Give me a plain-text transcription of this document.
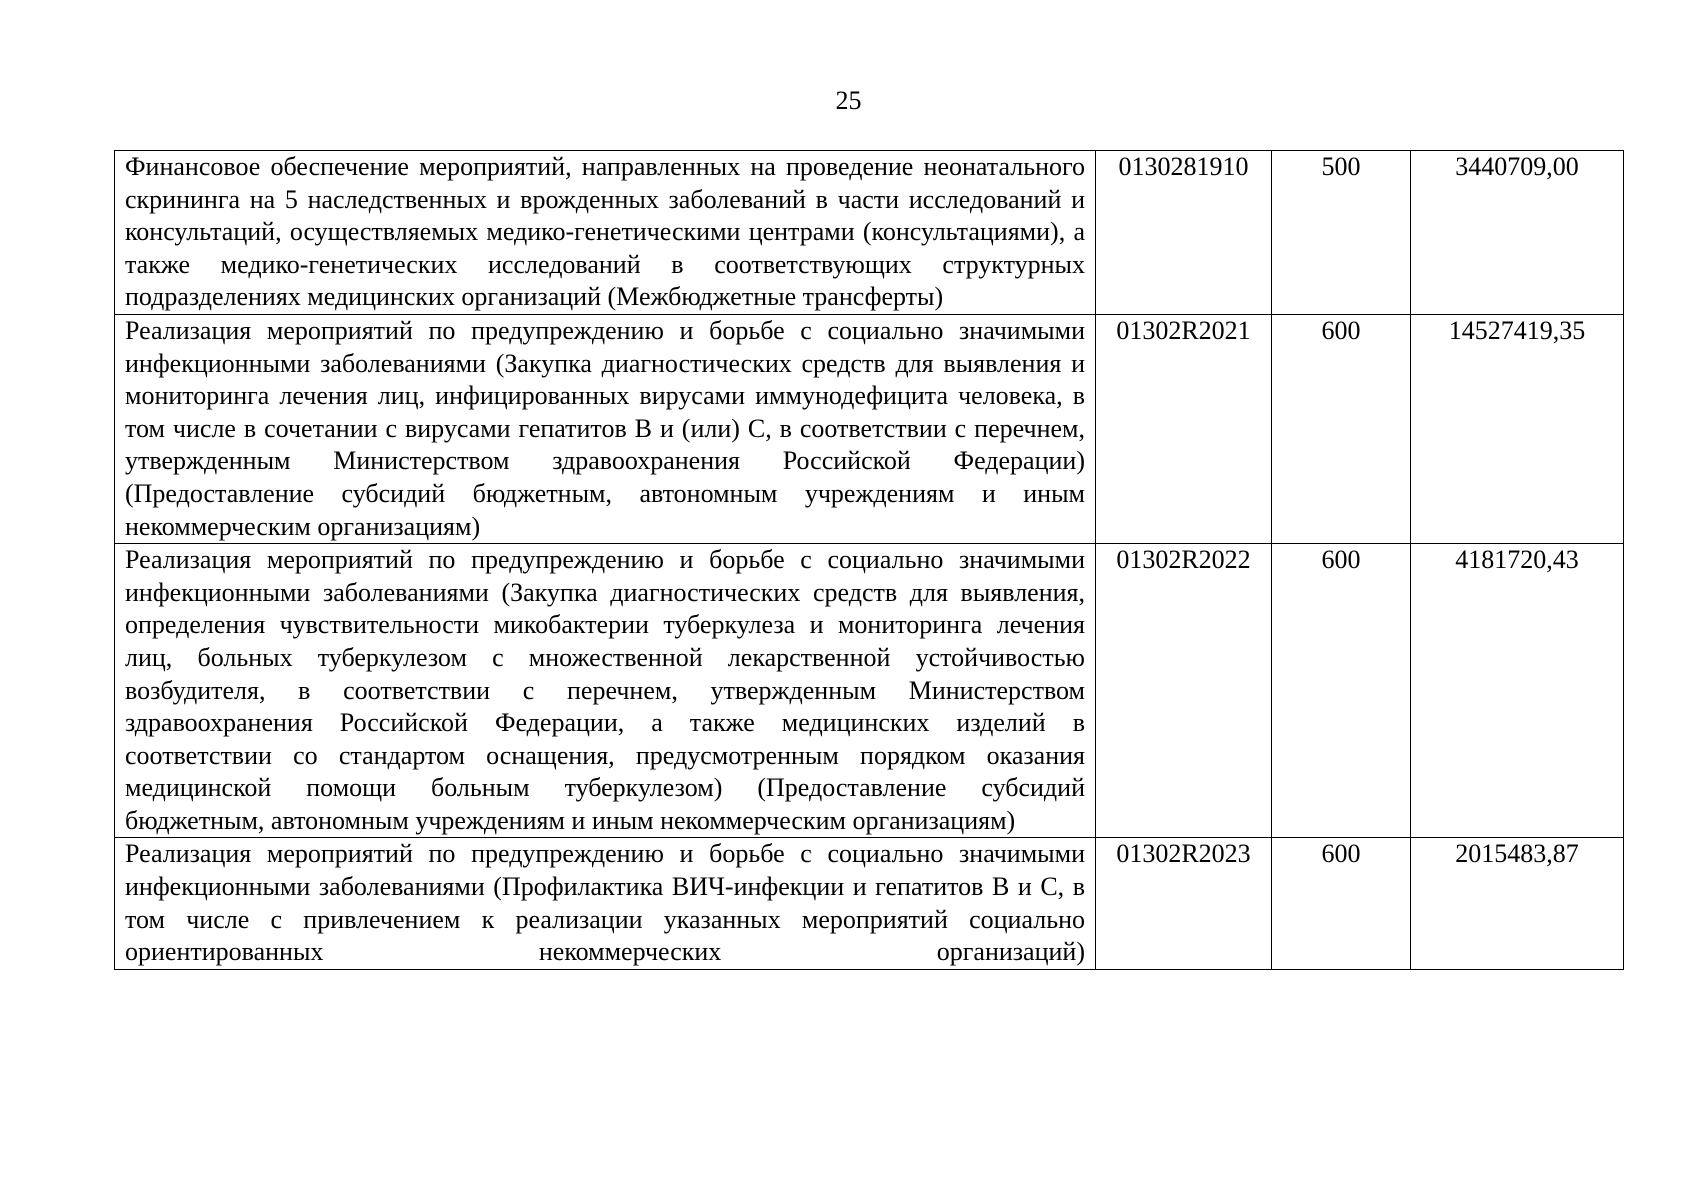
25
Финансовое обеспечение мероприятий, направленных на проведение неонатального скрининга на 5 наследственных и врожденных заболеваний в части исследований и консультаций, осуществляемых медико-генетическими центрами (консультациями), а также медико-генетических исследований в соответствующих структурных подразделениях медицинских организаций (Межбюджетные трансферты)	0130281910	500	3440709,00
Реализация мероприятий по предупреждению и борьбе с социально значимыми инфекционными заболеваниями (Закупка диагностических средств для выявления и мониторинга лечения лиц, инфицированных вирусами иммунодефицита человека, в том числе в сочетании с вирусами гепатитов B и (или) C, в соответствии с перечнем, утвержденным Министерством здравоохранения Российской Федерации) (Предоставление субсидий бюджетным, автономным учреждениям и иным некоммерческим организациям)	01302R2021	600	14527419,35
Реализация мероприятий по предупреждению и борьбе с социально значимыми инфекционными заболеваниями (Закупка диагностических средств для выявления, определения чувствительности микобактерии туберкулеза и мониторинга лечения лиц, больных туберкулезом с множественной лекарственной устойчивостью возбудителя, в соответствии с перечнем, утвержденным Министерством здравоохранения Российской Федерации, а также медицинских изделий в соответствии со стандартом оснащения, предусмотренным порядком оказания медицинской помощи больным туберкулезом) (Предоставление субсидий бюджетным, автономным учреждениям и иным некоммерческим организациям)	01302R2022	600	4181720,43
Реализация мероприятий по предупреждению и борьбе с социально значимыми инфекционными заболеваниями (Профилактика ВИЧ-инфекции и гепатитов B и C, в том числе с привлечением к реализации указанных мероприятий социально ориентированных некоммерческих организаций)	01302R2023	600	2015483,87
